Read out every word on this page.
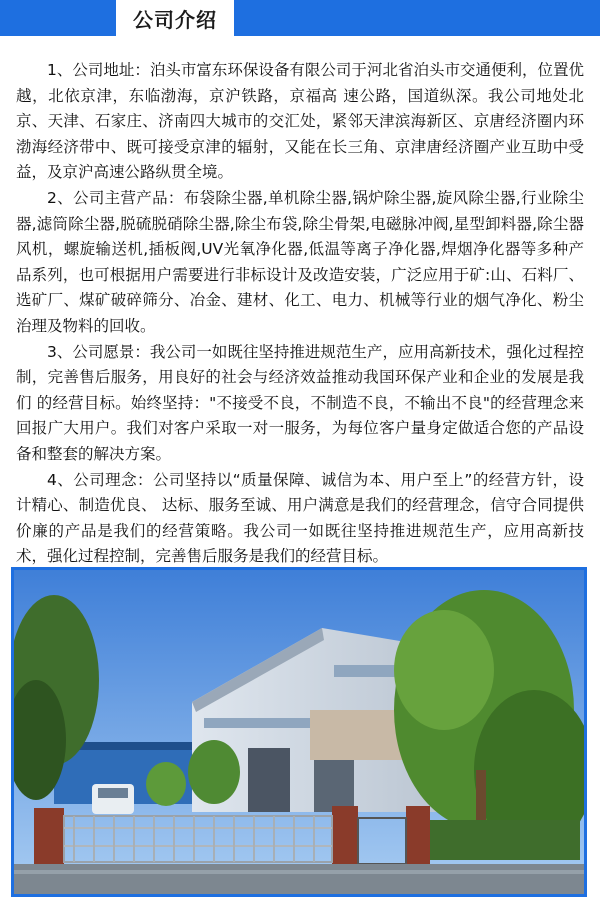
公司介绍

1、公司地址：泊头市富东环保设备有限公司于河北省泊头市交通便利，位置优越，北依京津，东临渤海，京沪铁路，京福高 速公路，国道纵深。我公司地处北 京、天津、石家庄、济南四大城市的交汇处，紧邻天津滨海新区、京唐经济圈内环渤海经济带中、既可接受京津的辐射，又能在长三角、京津唐经济圈产业互助中受益，及京沪高速公路纵贯全境。

2、公司主营产品：布袋除尘器,单机除尘器,锅炉除尘器,旋风除尘器,行业除尘器,滤筒除尘器,脱硫脱硝除尘器,除尘布袋,除尘骨架,电磁脉冲阀,星型卸料器,除尘器风机，螺旋输送机,插板阀,UV光氧净化器,低温等离子净化器,焊烟净化器等多种产品系列，也可根据用户需要进行非标设计及改造安装，广泛应用于矿:山、石料厂、选矿厂、煤矿破碎筛分、冶金、建材、化工、电力、机械等行业的烟气净化、粉尘治理及物料的回收。

3、公司愿景：我公司一如既往坚持推进规范生产，应用高新技术，强化过程控制，完善售后服务，用良好的社会与经济效益推动我国环保产业和企业的发展是我们 的经营目标。始终坚持："不接受不良，不制造不良，不输出不良"的经营理念来回报广大用户。我们对客户采取一对一服务，为每位客户量身定做适合您的产品设备和整套的解决方案。

4、公司理念：公司坚持以“质量保障、诚信为本、用户至上”的经营方针，设计精心、制造优良、 达标、服务至诚、用户满意是我们的经营理念，信守合同提供 价廉的产品是我们的经营策略。我公司一如既往坚持推进规范生产，应用高新技术，强化过程控制，完善售后服务是我们的经营目标。
